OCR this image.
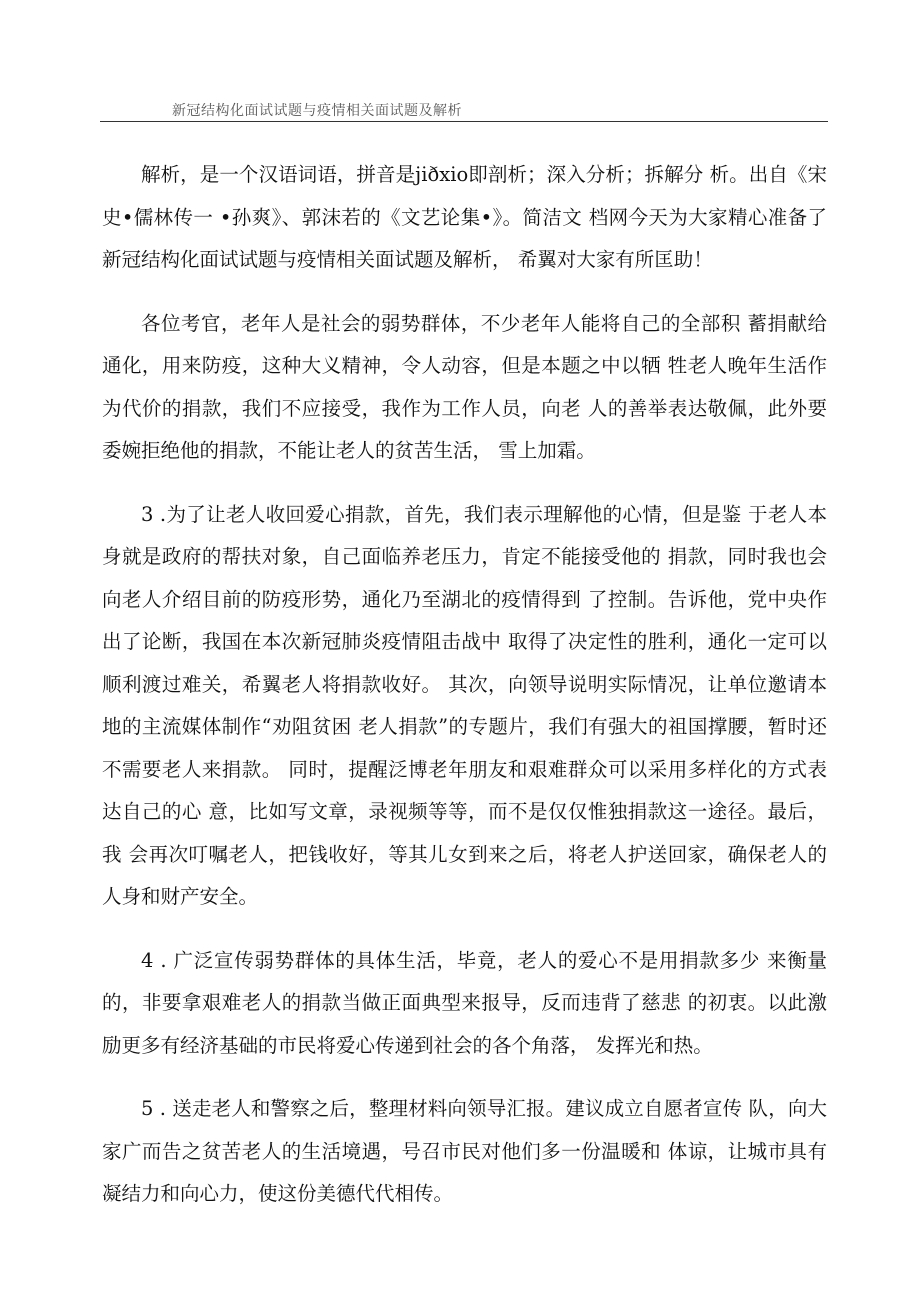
新冠结构化面试试题与疫情相关面试题及解析

解析，是一个汉语词语，拼音是jiðxio即剖析；深入分析；拆解分 析。出自《宋史•儒林传一 •孙爽》、郭沫若的《文艺论集•》。简洁文 档网今天为大家精心准备了新冠结构化面试试题与疫情相关面试题及解析， 希翼对大家有所匡助！

各位考官，老年人是社会的弱势群体，不少老年人能将自己的全部积 蓄捐献给通化，用来防疫，这种大义精神，令人动容，但是本题之中以牺 牲老人晚年生活作为代价的捐款，我们不应接受，我作为工作人员，向老 人的善举表达敬佩，此外要委婉拒绝他的捐款，不能让老人的贫苦生活， 雪上加霜。

3 .为了让老人收回爱心捐款，首先，我们表示理解他的心情，但是鉴 于老人本身就是政府的帮扶对象，自己面临养老压力，肯定不能接受他的 捐款，同时我也会向老人介绍目前的防疫形势，通化乃至湖北的疫情得到 了控制。告诉他，党中央作出了论断，我国在本次新冠肺炎疫情阻击战中 取得了决定性的胜利，通化一定可以顺利渡过难关，希翼老人将捐款收好。 其次，向领导说明实际情况，让单位邀请本地的主流媒体制作“劝阻贫困 老人捐款”的专题片，我们有强大的祖国撑腰，暂时还不需要老人来捐款。 同时，提醒泛博老年朋友和艰难群众可以采用多样化的方式表达自己的心 意，比如写文章，录视频等等，而不是仅仅惟独捐款这一途径。最后，我 会再次叮嘱老人，把钱收好，等其儿女到来之后，将老人护送回家，确保老人的人身和财产安全。

4 . 广泛宣传弱势群体的具体生活，毕竟，老人的爱心不是用捐款多少 来衡量的，非要拿艰难老人的捐款当做正面典型来报导，反而违背了慈悲 的初衷。以此激励更多有经济基础的市民将爱心传递到社会的各个角落， 发挥光和热。

5 . 送走老人和警察之后，整理材料向领导汇报。建议成立自愿者宣传 队，向大家广而告之贫苦老人的生活境遇，号召市民对他们多一份温暖和 体谅，让城市具有凝结力和向心力，使这份美德代代相传。
